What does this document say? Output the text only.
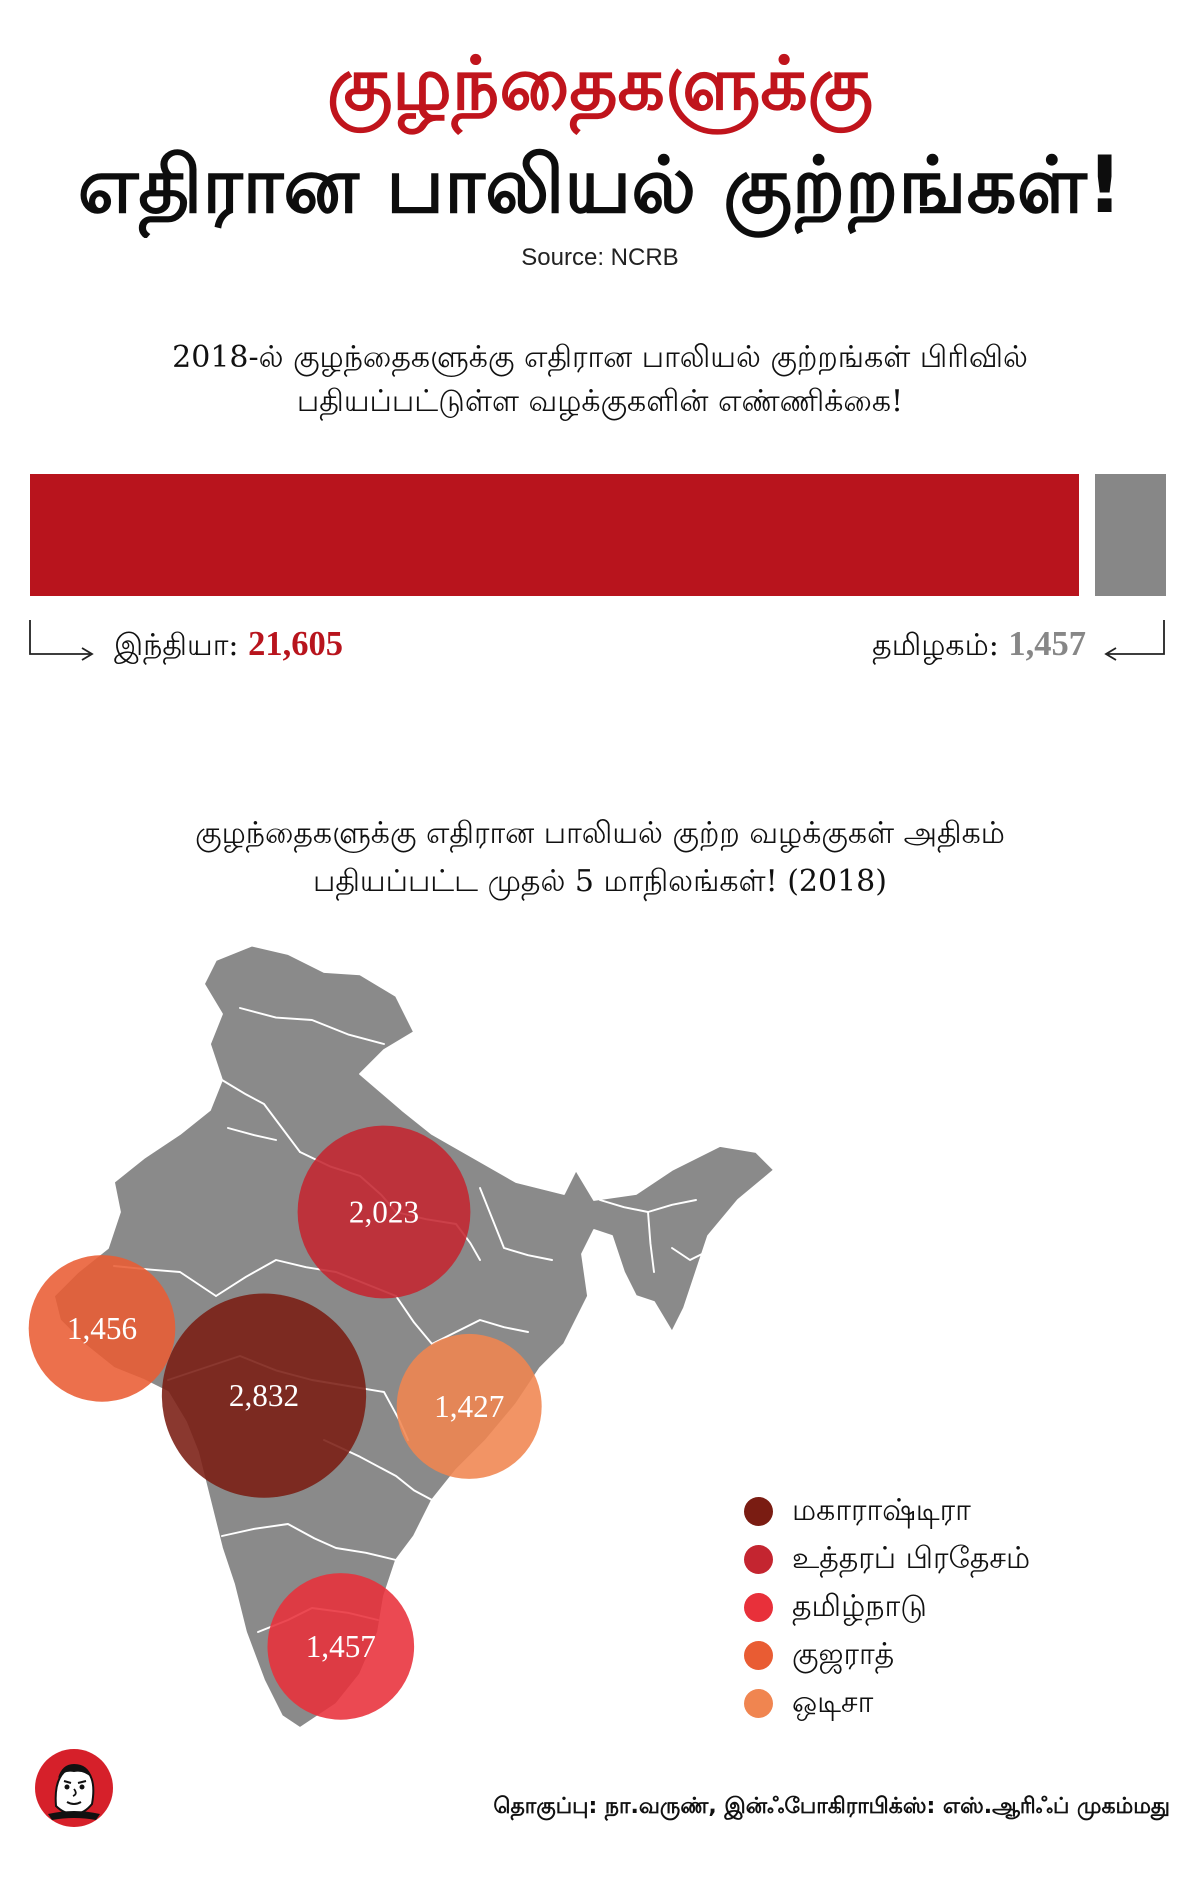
குழந்தைகளுக்கு
எதிரான பாலியல் குற்றங்கள்!
Source: NCRB
2018-ல் குழந்தைகளுக்கு எதிரான பாலியல் குற்றங்கள் பிரிவில்
பதியப்பட்டுள்ள வழக்குகளின் எண்ணிக்கை!
இந்தியா: 21,605	தமிழகம்: 1,457
குழந்தைகளுக்கு எதிரான பாலியல் குற்ற வழக்குகள் அதிகம்
பதியப்பட்ட முதல் 5 மாநிலங்கள்! (2018)
2,832
2,023
1,457
1,456
1,427
மகாராஷ்டிரா
உத்தரப் பிரதேசம்
தமிழ்நாடு
குஜராத்
ஒடிசா
தொகுப்பு: நா.வருண், இன்ஃபோகிராபிக்ஸ்: எஸ்.ஆரிஃப் முகம்மது
